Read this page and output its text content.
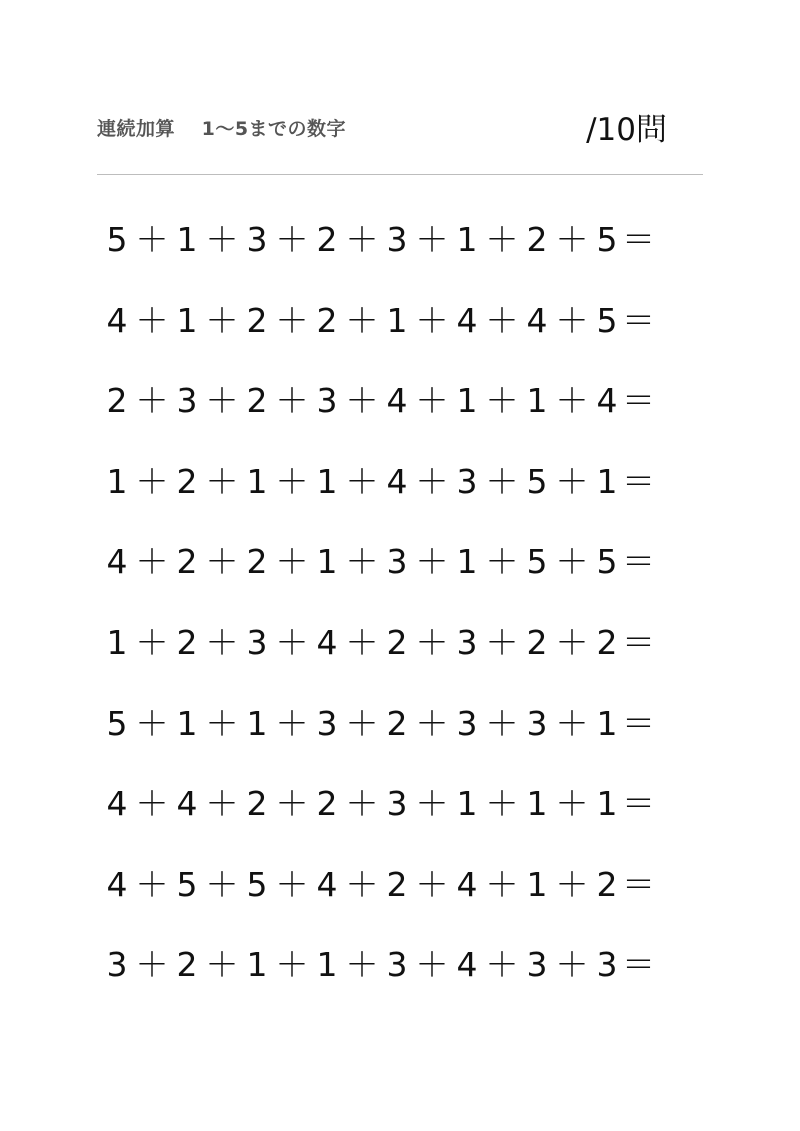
連続加算　 1〜5までの数字	/10問
5 ＋ 1 ＋ 3 ＋ 2 ＋ 3 ＋ 1 ＋ 2 ＋ 5 ＝
4 ＋ 1 ＋ 2 ＋ 2 ＋ 1 ＋ 4 ＋ 4 ＋ 5 ＝
2 ＋ 3 ＋ 2 ＋ 3 ＋ 4 ＋ 1 ＋ 1 ＋ 4 ＝
1 ＋ 2 ＋ 1 ＋ 1 ＋ 4 ＋ 3 ＋ 5 ＋ 1 ＝
4 ＋ 2 ＋ 2 ＋ 1 ＋ 3 ＋ 1 ＋ 5 ＋ 5 ＝
1 ＋ 2 ＋ 3 ＋ 4 ＋ 2 ＋ 3 ＋ 2 ＋ 2 ＝
5 ＋ 1 ＋ 1 ＋ 3 ＋ 2 ＋ 3 ＋ 3 ＋ 1 ＝
4 ＋ 4 ＋ 2 ＋ 2 ＋ 3 ＋ 1 ＋ 1 ＋ 1 ＝
4 ＋ 5 ＋ 5 ＋ 4 ＋ 2 ＋ 4 ＋ 1 ＋ 2 ＝
3 ＋ 2 ＋ 1 ＋ 1 ＋ 3 ＋ 4 ＋ 3 ＋ 3 ＝
